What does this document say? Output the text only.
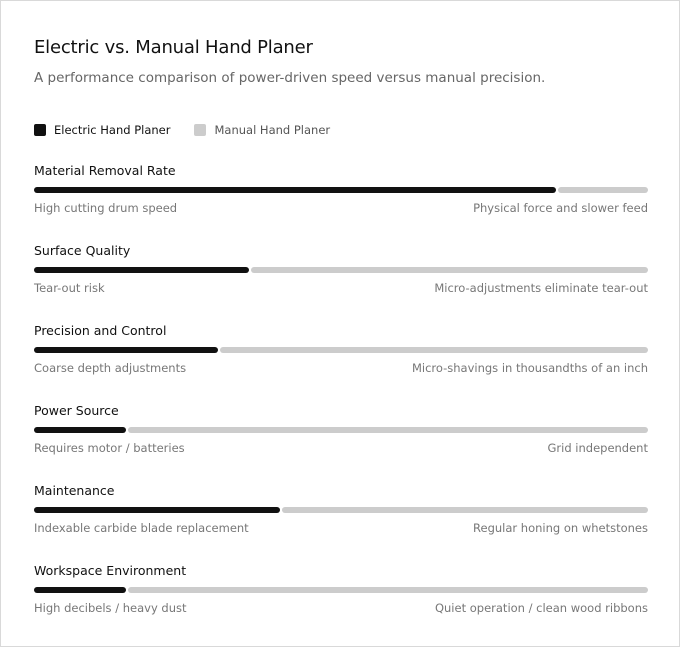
Electric vs. Manual Hand Planer
A performance comparison of power-driven speed versus manual precision.
Electric Hand Planer	Manual Hand Planer
Material Removal Rate
High cutting drum speed	Physical force and slower feed
Surface Quality
Tear-out risk	Micro-adjustments eliminate tear-out
Precision and Control
Coarse depth adjustments	Micro-shavings in thousandths of an inch
Power Source
Requires motor / batteries	Grid independent
Maintenance
Indexable carbide blade replacement	Regular honing on whetstones
Workspace Environment
High decibels / heavy dust	Quiet operation / clean wood ribbons
